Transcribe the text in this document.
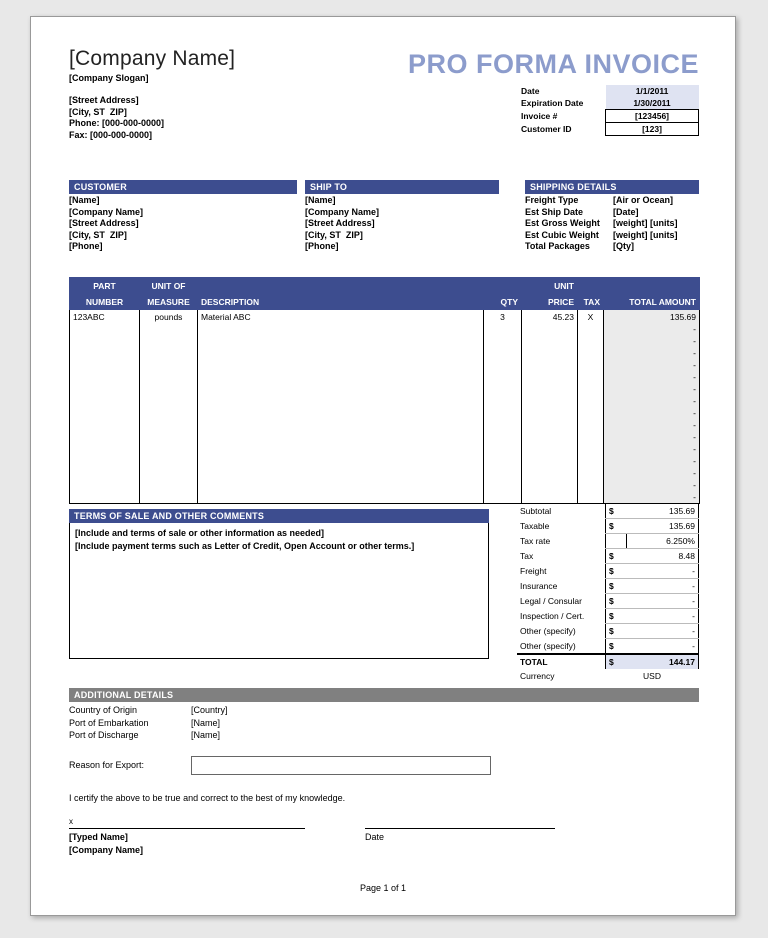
[Company Name]
[Company Slogan]
[Street Address]
[City, ST  ZIP]
Phone: [000-000-0000]
Fax: [000-000-0000]
PRO FORMA INVOICE
Date	1/1/2011
Expiration Date	1/30/2011
Invoice #	[123456]
Customer ID	[123]
CUSTOMER
[Name]
[Company Name]
[Street Address]
[City, ST  ZIP]
[Phone]
SHIP TO
[Name]
[Company Name]
[Street Address]
[City, ST  ZIP]
[Phone]
SHIPPING DETAILS
Freight Type	[Air or Ocean]
Est Ship Date	[Date]
Est Gross Weight	[weight] [units]
Est Cubic Weight	[weight] [units]
Total Packages	[Qty]
PART	UNIT OF			UNIT		
NUMBER	MEASURE	DESCRIPTION	QTY	PRICE	TAX	TOTAL AMOUNT
123ABC	pounds	Material ABC	3	45.23	X	135.69
						-
						-
						-
						-
						-
						-
						-
						-
						-
						-
						-
						-
						-
						-
						-
TERMS OF SALE AND OTHER COMMENTS
[Include and terms of sale or other information as needed]
[Include payment terms such as Letter of Credit, Open Account or other terms.]
Subtotal	$	135.69
Taxable	$	135.69
Tax rate		6.250%
Tax	$	8.48
Freight	$	-
Insurance	$	-
Legal / Consular	$	-
Inspection / Cert.	$	-
Other (specify)	$	-
Other (specify)	$	-
TOTAL	$	144.17
Currency	USD	
ADDITIONAL DETAILS
Country of Origin	[Country]
Port of Embarkation	[Name]
Port of Discharge	[Name]
Reason for Export:
I certify the above to be true and correct to the best of my knowledge.
x
[Typed Name]
[Company Name]
Date
Page 1 of 1
